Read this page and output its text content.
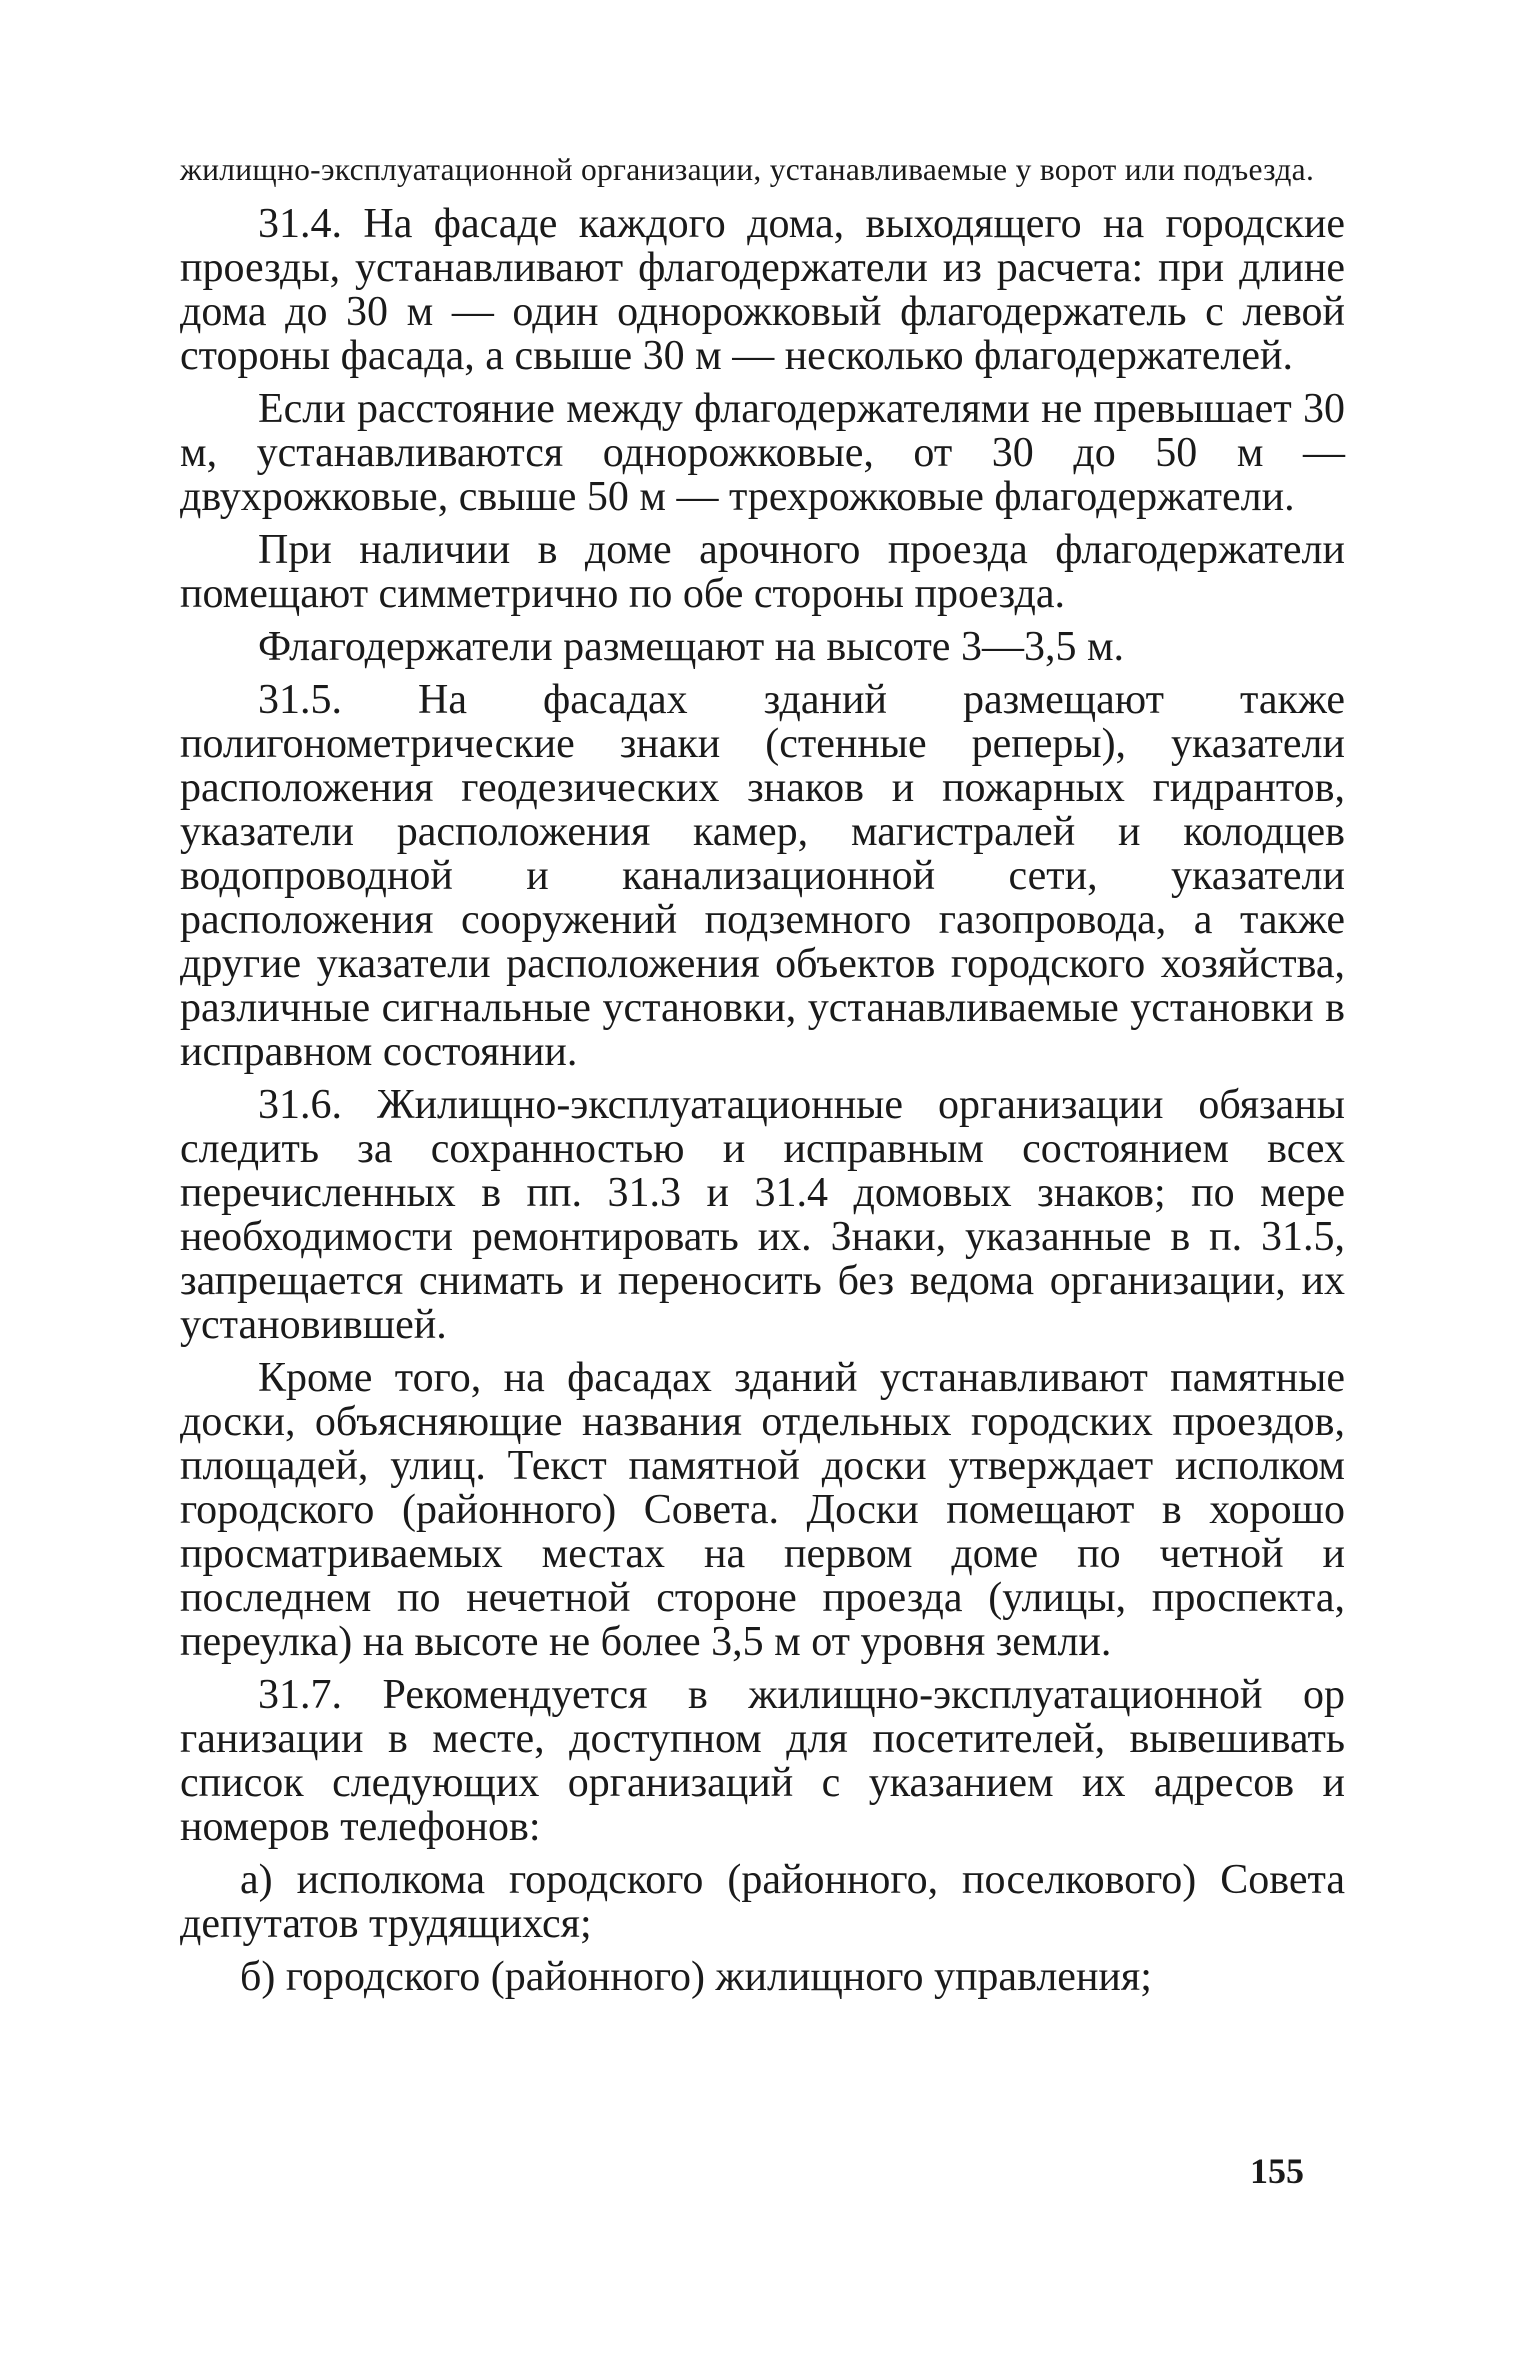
жилищно-эксплуатационной организации, устанавливаемые у ворот или подъезда.

31.4. На фасаде каждого дома, выходящего на городские проезды, устанавливают флагодержатели из расчета: при длине дома до 30 м — один однорожковый флагодержатель с левой стороны фасада, а свыше 30 м — несколько флагодержателей.

Если расстояние между флагодержателями не превышает 30 м, устанавливаются однорожковые, от 30 до 50 м — двухрожковые, свыше 50 м — трехрожковые флагодержатели.

При наличии в доме арочного проезда флагодержатели помещают симметрично по обе стороны проезда.

Флагодержатели размещают на высоте 3—3,5 м.

31.5. На фасадах зданий размещают также полигонометрические знаки (стенные реперы), указатели расположения геодезических знаков и пожарных гидрантов, указатели расположения камер, магистралей и колодцев водопроводной и канализационной сети, указатели расположения сооружений подземного газопровода, а также другие указатели расположения объектов городского хозяйства, различные сигнальные установки, устанавливаемые установки в исправном состоянии.

31.6. Жилищно-эксплуатационные организации обязаны следить за сохранностью и исправным состоянием всех перечисленных в пп. 31.3 и 31.4 домовых знаков; по мере необходимости ремонтировать их. Знаки, указанные в п. 31.5, запрещается снимать и переносить без ведома организации, их установившей.

Кроме того, на фасадах зданий устанавливают памятные доски, объясняющие названия отдельных городских проездов, площадей, улиц. Текст памятной доски утверждает исполком городского (районного) Совета. Доски помещают в хорошо просматриваемых местах на первом доме по четной и последнем по нечетной стороне проезда (улицы, проспекта, переулка) на высоте не более 3,5 м от уровня земли.

31.7. Рекомендуется в жилищно-эксплуатационной ор ганизации в месте, доступном для посетителей, вывешивать список следующих организаций с указанием их адресов и номеров телефонов:

а) исполкома городского (районного, поселкового) Совета депутатов трудящихся;

б) городского (районного) жилищного управления;

155
